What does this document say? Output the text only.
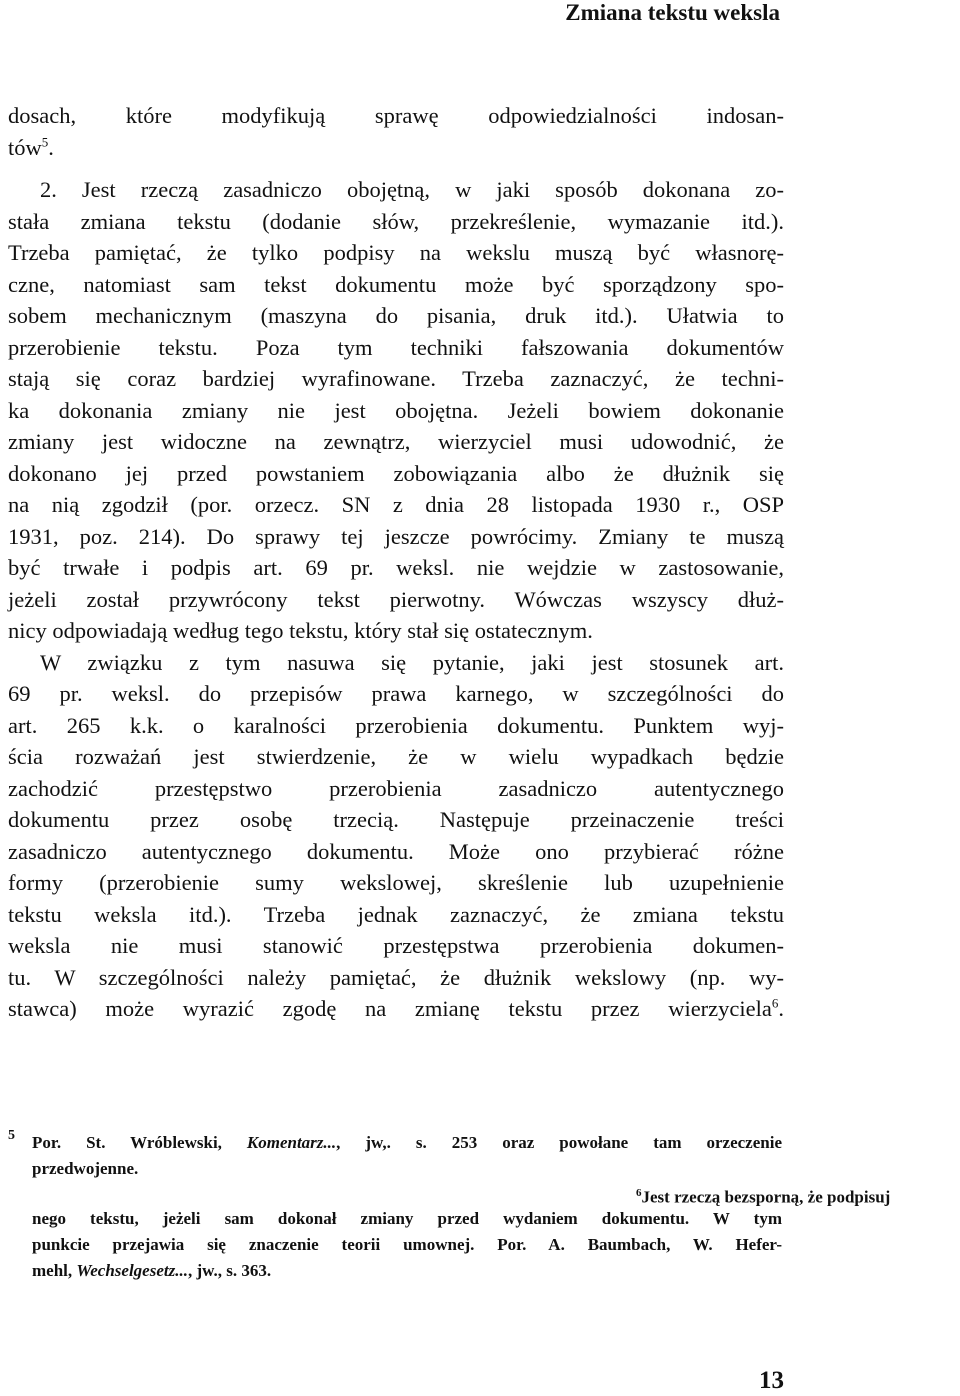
Zmiana tekstu weksla
dosach, które modyfikują sprawę odpowiedzialności indosan-
tów$^5$.
2. Jest rzeczą zasadniczo obojętną, w jaki sposób dokonana zo-
stała zmiana tekstu (dodanie słów, przekreślenie, wymazanie itd.).
Trzeba pamiętać, że tylko podpisy na wekslu muszą być własnorę-
czne, natomiast sam tekst dokumentu może być sporządzony spo-
sobem mechanicznym (maszyna do pisania, druk itd.). Ułatwia to
przerobienie tekstu. Poza tym techniki fałszowania dokumentów
stają się coraz bardziej wyrafinowane. Trzeba zaznaczyć, że techni-
ka dokonania zmiany nie jest obojętna. Jeżeli bowiem dokonanie
zmiany jest widoczne na zewnątrz, wierzyciel musi udowodnić, że
dokonano jej przed powstaniem zobowiązania albo że dłużnik się
na nią zgodził (por. orzecz. SN z dnia 28 listopada 1930 r., OSP
1931, poz. 214). Do sprawy tej jeszcze powrócimy. Zmiany te muszą
być trwałe i podpis art. 69 pr. weksl. nie wejdzie w zastosowanie,
jeżeli został przywrócony tekst pierwotny. Wówczas wszyscy dłuż-
nicy odpowiadają według tego tekstu, który stał się ostatecznym.
W związku z tym nasuwa się pytanie, jaki jest stosunek art.
69 pr. weksl. do przepisów prawa karnego, w szczególności do
art. 265 k.k. o karalności przerobienia dokumentu. Punktem wyj-
ścia rozważań jest stwierdzenie, że w wielu wypadkach będzie
zachodzić przestępstwo przerobienia zasadniczo autentycznego
dokumentu przez osobę trzecią. Następuje przeinaczenie treści
zasadniczo autentycznego dokumentu. Może ono przybierać różne
formy (przerobienie sumy wekslowej, skreślenie lub uzupełnienie
tekstu weksla itd.). Trzeba jednak zaznaczyć, że zmiana tekstu
weksla nie musi stanowić przestępstwa przerobienia dokumen-
tu. W szczególności należy pamiętać, że dłużnik wekslowy (np. wy-
stawca) może wyrazić zgodę na zmianę tekstu przez wierzyciela$^6$.
5 Por. St. Wróblewski, Komentarz..., jw,. s. 253 oraz powołane tam orzeczenie
przedwojenne.
$^6$Jest rzeczą bezsporną, że podpisuj
nego tekstu, jeżeli sam dokonał zmiany przed wydaniem dokumentu. W tym
punkcie przejawia się znaczenie teorii umownej. Por. A. Baumbach, W. Hefer-
mehl, Wechselgesetz..., jw., s. 363.
13
